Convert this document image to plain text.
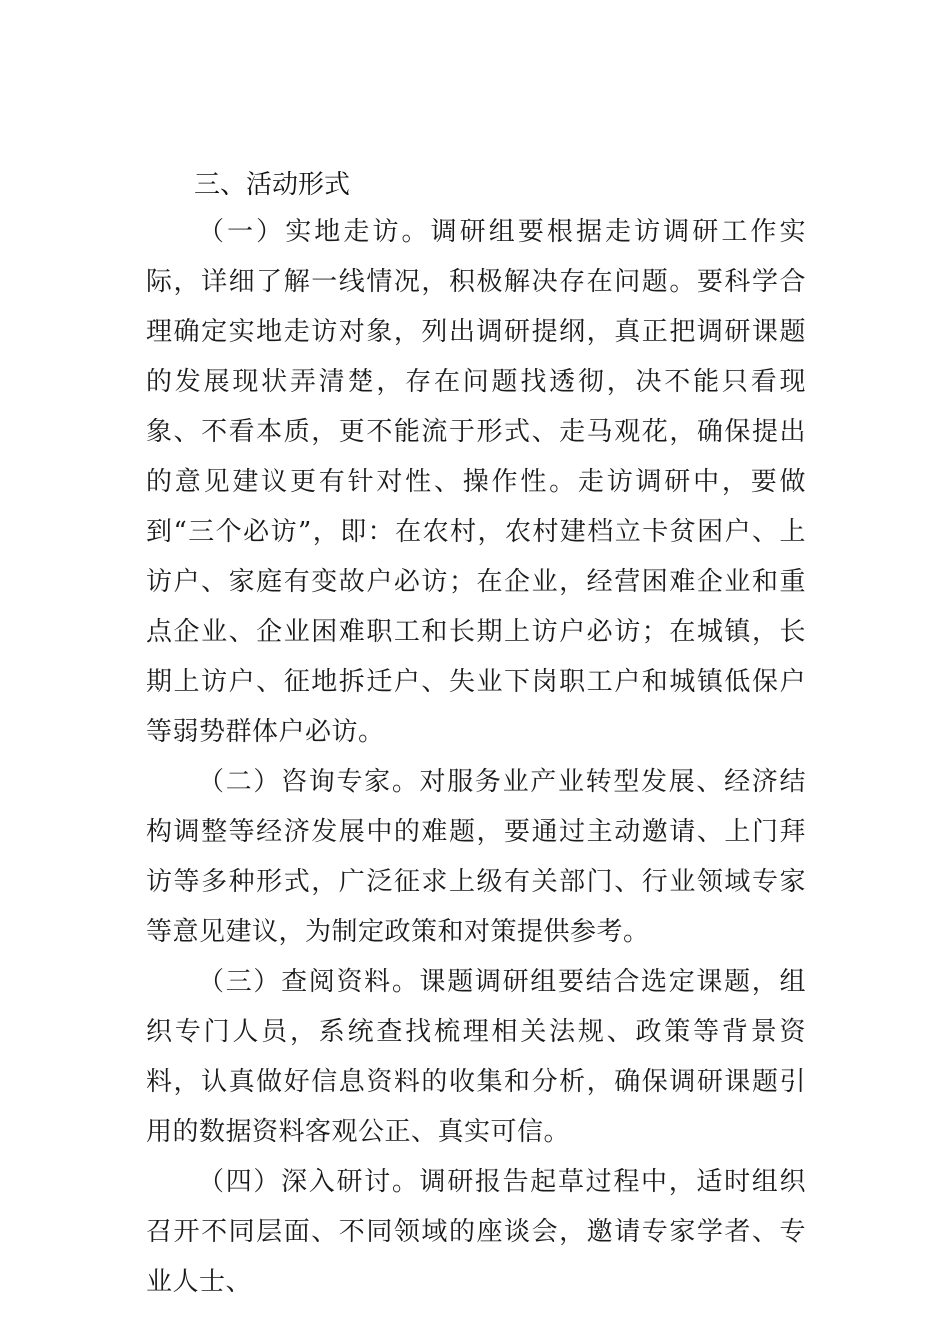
三、活动形式

（一）实地走访。调研组要根据走访调研工作实际，详细了解一线情况，积极解决存在问题。要科学合理确定实地走访对象，列出调研提纲，真正把调研课题的发展现状弄清楚，存在问题找透彻，决不能只看现象、不看本质，更不能流于形式、走马观花，确保提出的意见建议更有针对性、操作性。走访调研中，要做到“三个必访”，即：在农村，农村建档立卡贫困户、上访户、家庭有变故户必访；在企业，经营困难企业和重点企业、企业困难职工和长期上访户必访；在城镇，长期上访户、征地拆迁户、失业下岗职工户和城镇低保户等弱势群体户必访。

（二）咨询专家。对服务业产业转型发展、经济结构调整等经济发展中的难题，要通过主动邀请、上门拜访等多种形式，广泛征求上级有关部门、行业领域专家等意见建议，为制定政策和对策提供参考。

（三）查阅资料。课题调研组要结合选定课题，组织专门人员，系统查找梳理相关法规、政策等背景资料，认真做好信息资料的收集和分析，确保调研课题引用的数据资料客观公正、真实可信。

（四）深入研讨。调研报告起草过程中，适时组织召开不同层面、不同领域的座谈会，邀请专家学者、专业人士、
